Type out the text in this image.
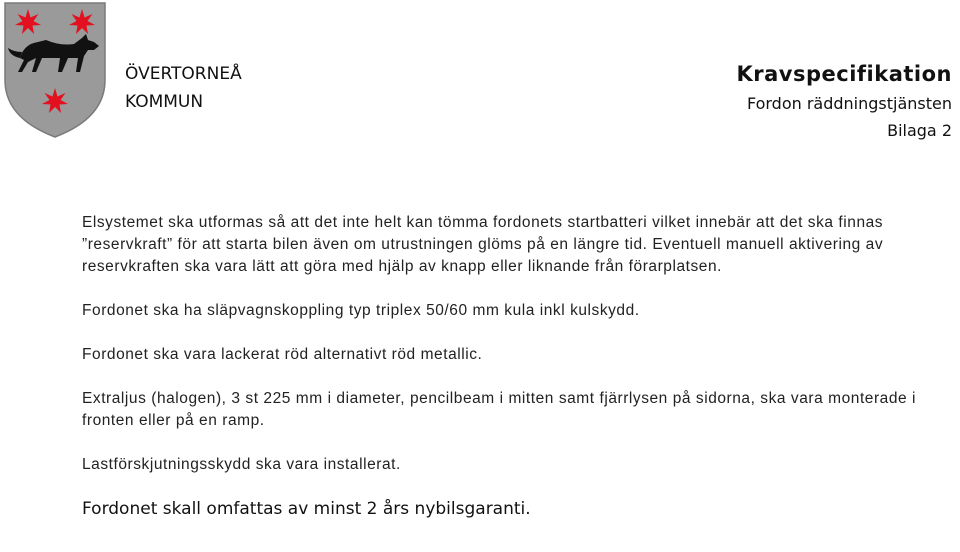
ÖVERTORNEÅ
KOMMUN
Kravspecifikation
Fordon räddningstjänsten
Bilaga 2

Elsystemet ska utformas så att det inte helt kan tömma fordonets startbatteri vilket innebär att det ska finnas ”reservkraft” för att starta bilen även om utrustningen glöms på en längre tid. Eventuell manuell aktivering av reservkraften ska vara lätt att göra med hjälp av knapp eller liknande från förarplatsen.

Fordonet ska ha släpvagnskoppling typ triplex 50/60 mm kula inkl kulskydd.

Fordonet ska vara lackerat röd alternativt röd metallic.

Extraljus (halogen), 3 st 225 mm i diameter, pencilbeam i mitten samt fjärrlysen på sidorna, ska vara monterade i fronten eller på en ramp.

Lastförskjutningsskydd ska vara installerat.

Fordonet skall omfattas av minst 2 års nybilsgaranti.
